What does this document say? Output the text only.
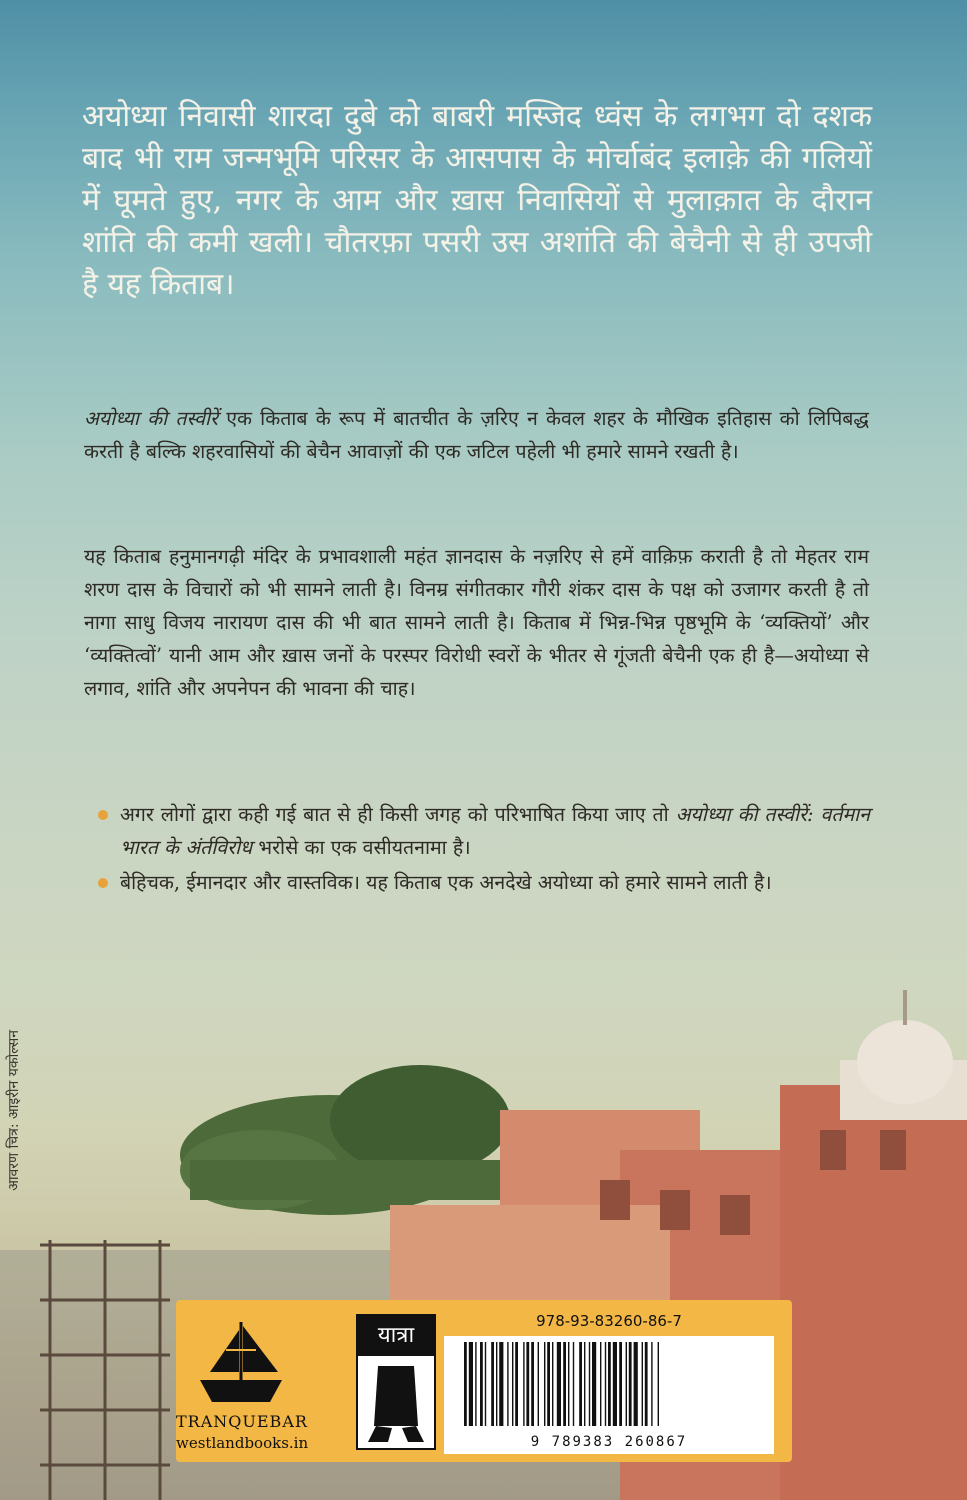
अयोध्या निवासी शारदा दुबे को बाबरी मस्जिद ध्वंस के लगभग दो दशक बाद भी राम जन्मभूमि परिसर के आसपास के मोर्चाबंद इलाक़े की गलियों में घूमते हुए, नगर के आम और ख़ास निवासियों से मुलाक़ात के दौरान शांति की कमी खली। चौतरफ़ा पसरी उस अशांति की बेचैनी से ही उपजी है यह किताब।
अयोध्या की तस्वीरें एक किताब के रूप में बातचीत के ज़रिए न केवल शहर के मौखिक इतिहास को लिपिबद्ध करती है बल्कि शहरवासियों की बेचैन आवाज़ों की एक जटिल पहेली भी हमारे सामने रखती है।
यह किताब हनुमानगढ़ी मंदिर के प्रभावशाली महंत ज्ञानदास के नज़रिए से हमें वाक़िफ़ कराती है तो मेहतर राम शरण दास के विचारों को भी सामने लाती है। विनम्र संगीतकार गौरी शंकर दास के पक्ष को उजागर करती है तो नागा साधु विजय नारायण दास की भी बात सामने लाती है। किताब में भिन्न-भिन्न पृष्ठभूमि के ‘व्यक्तियों’ और ‘व्यक्तित्वों’ यानी आम और ख़ास जनों के परस्पर विरोधी स्वरों के भीतर से गूंजती बेचैनी एक ही है—अयोध्या से लगाव, शांति और अपनेपन की भावना की चाह।
अगर लोगों द्वारा कही गई बात से ही किसी जगह को परिभाषित किया जाए तो अयोध्या की तस्वीरें: वर्तमान भारत के अंर्तविरोध भरोसे का एक वसीयतनामा है।
बेहिचक, ईमानदार और वास्तविक। यह किताब एक अनदेखे अयोध्या को हमारे सामने लाती है।
आवरण चित्र: आइरीन यकोल्सन
TRANQUEBAR
westlandbooks.in
यात्रा
978-93-83260-86-7
9 789383 260867
